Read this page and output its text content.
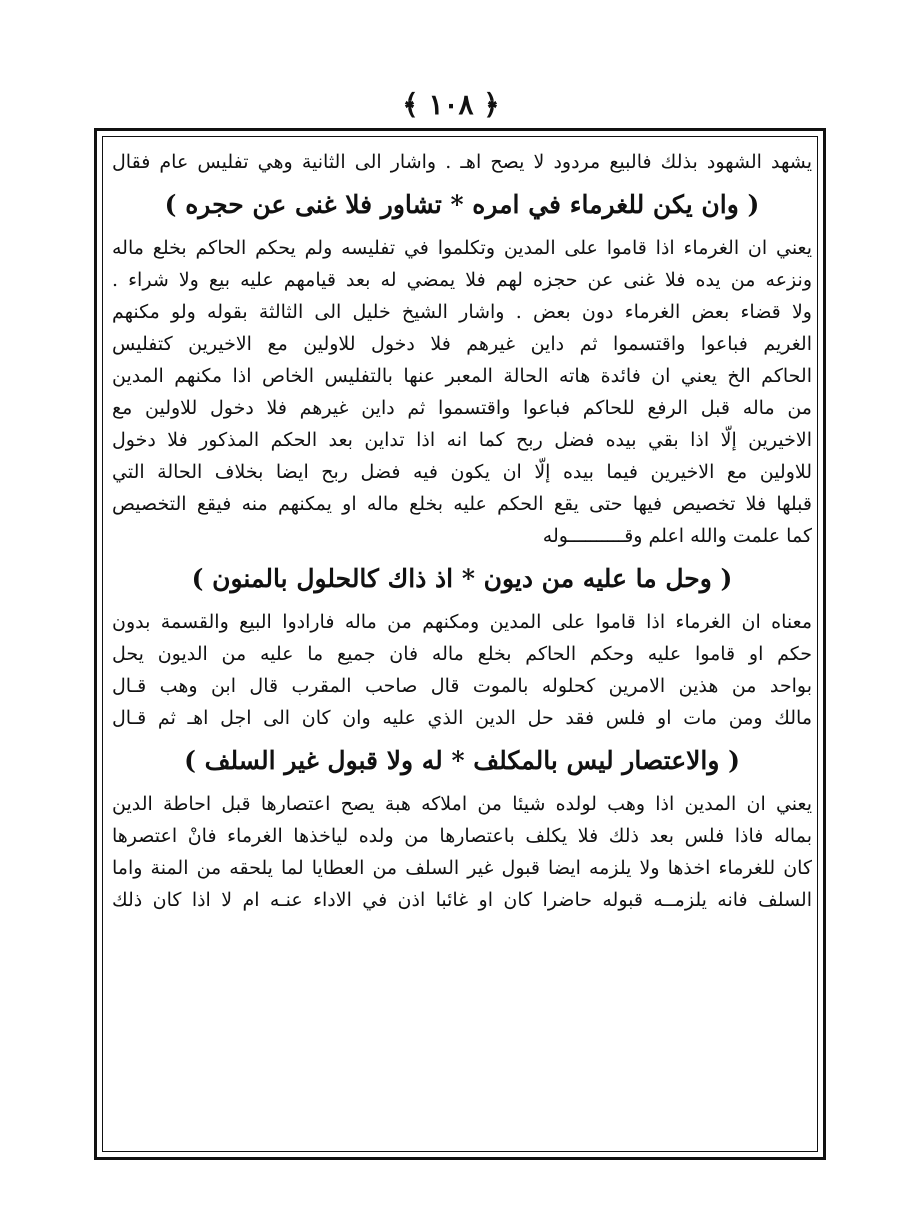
﴿ ١٠٨ ﴾
يشهد الشهود بذلك فالبيع مردود لا يصح اهـ . واشار الى الثانية وهي تفليس عام فقال
( وان يكن للغرماء في امره * تشاور فلا غنى عن حجره )
يعني ان الغرماء اذا قاموا على المدين وتكلموا في تفليسه ولم يحكم الحاكم بخلع ماله
ونزعه من يده فلا غنى عن حجزه لهم فلا يمضي له بعد قيامهم عليه بيع ولا شراء .
ولا قضاء بعض الغرماء دون بعض . واشار الشيخ خليل الى الثالثة بقوله ولو مكنهم
الغريم فباعوا واقتسموا ثم داين غيرهم فلا دخول للاولين مع الاخيرين كتفليس
الحاكم الخ يعني ان فائدة هاته الحالة المعبر عنها بالتفليس الخاص اذا مكنهم المدين
من ماله قبل الرفع للحاكم فباعوا واقتسموا ثم داين غيرهم فلا دخول للاولين مع
الاخيرين إلّا اذا بقي بيده فضل ربح كما انه اذا تداين بعد الحكم المذكور فلا دخول
للاولين مع الاخيرين فيما بيده إلّا ان يكون فيه فضل ربح ايضا بخلاف الحالة التي
قبلها فلا تخصيص فيها حتى يقع الحكم عليه بخلع ماله او يمكنهم منه فيقع التخصيص
كما علمت والله اعلم وقــــــــــوله
( وحل ما عليه من ديون * اذ ذاك كالحلول بالمنون )
معناه ان الغرماء اذا قاموا على المدين ومكنهم من ماله فارادوا البيع والقسمة بدون
حكم او قاموا عليه وحكم الحاكم بخلع ماله فان جميع ما عليه من الديون يحل
بواحد من هذين الامرين كحلوله بالموت قال صاحب المقرب قال ابن وهب قـال
مالك ومن مات او فلس فقد حل الدين الذي عليه وان كان الى اجل اهـ ثم قـال
( والاعتصار ليس بالمكلف * له ولا قبول غير السلف )
يعني ان المدين اذا وهب لولده شيئا من املاكه هبة يصح اعتصارها قبل احاطة الدين
بماله فاذا فلس بعد ذلك فلا يكلف باعتصارها من ولده لياخذها الغرماء فانْ اعتصرها
كان للغرماء اخذها ولا يلزمه ايضا قبول غير السلف من العطايا لما يلحقه من المنة واما
السلف فانه يلزمــه قبوله حاضرا كان او غائبا اذن في الاداء عنـه ام لا اذا كان ذلك
